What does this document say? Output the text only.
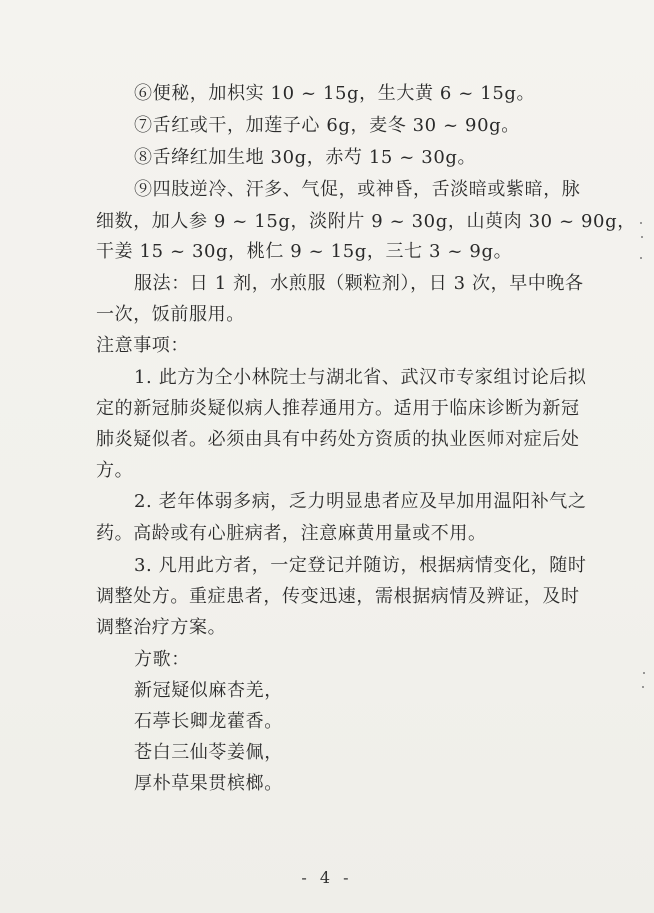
⑥便秘，加枳实 10 ~ 15g，生大黄 6 ~ 15g。
⑦舌红或干，加莲子心 6g，麦冬 30 ~ 90g。
⑧舌绛红加生地 30g，赤芍 15 ~ 30g。
⑨四肢逆冷、汗多、气促，或神昏，舌淡暗或紫暗，脉
细数，加人参 9 ~ 15g，淡附片 9 ~ 30g，山萸肉 30 ~ 90g，
干姜 15 ~ 30g，桃仁 9 ~ 15g，三七 3 ~ 9g。
服法：日 1 剂，水煎服（颗粒剂），日 3 次，早中晚各
一次，饭前服用。
注意事项：
1. 此方为仝小林院士与湖北省、武汉市专家组讨论后拟
定的新冠肺炎疑似病人推荐通用方。适用于临床诊断为新冠
肺炎疑似者。必须由具有中药处方资质的执业医师对症后处
方。
2. 老年体弱多病，乏力明显患者应及早加用温阳补气之
药。高龄或有心脏病者，注意麻黄用量或不用。
3. 凡用此方者，一定登记并随访，根据病情变化，随时
调整处方。重症患者，传变迅速，需根据病情及辨证，及时
调整治疗方案。
方歌：
新冠疑似麻杏羌，
石葶长卿龙藿香。
苍白三仙苓姜佩，
厚朴草果贯槟榔。
- 4 -
